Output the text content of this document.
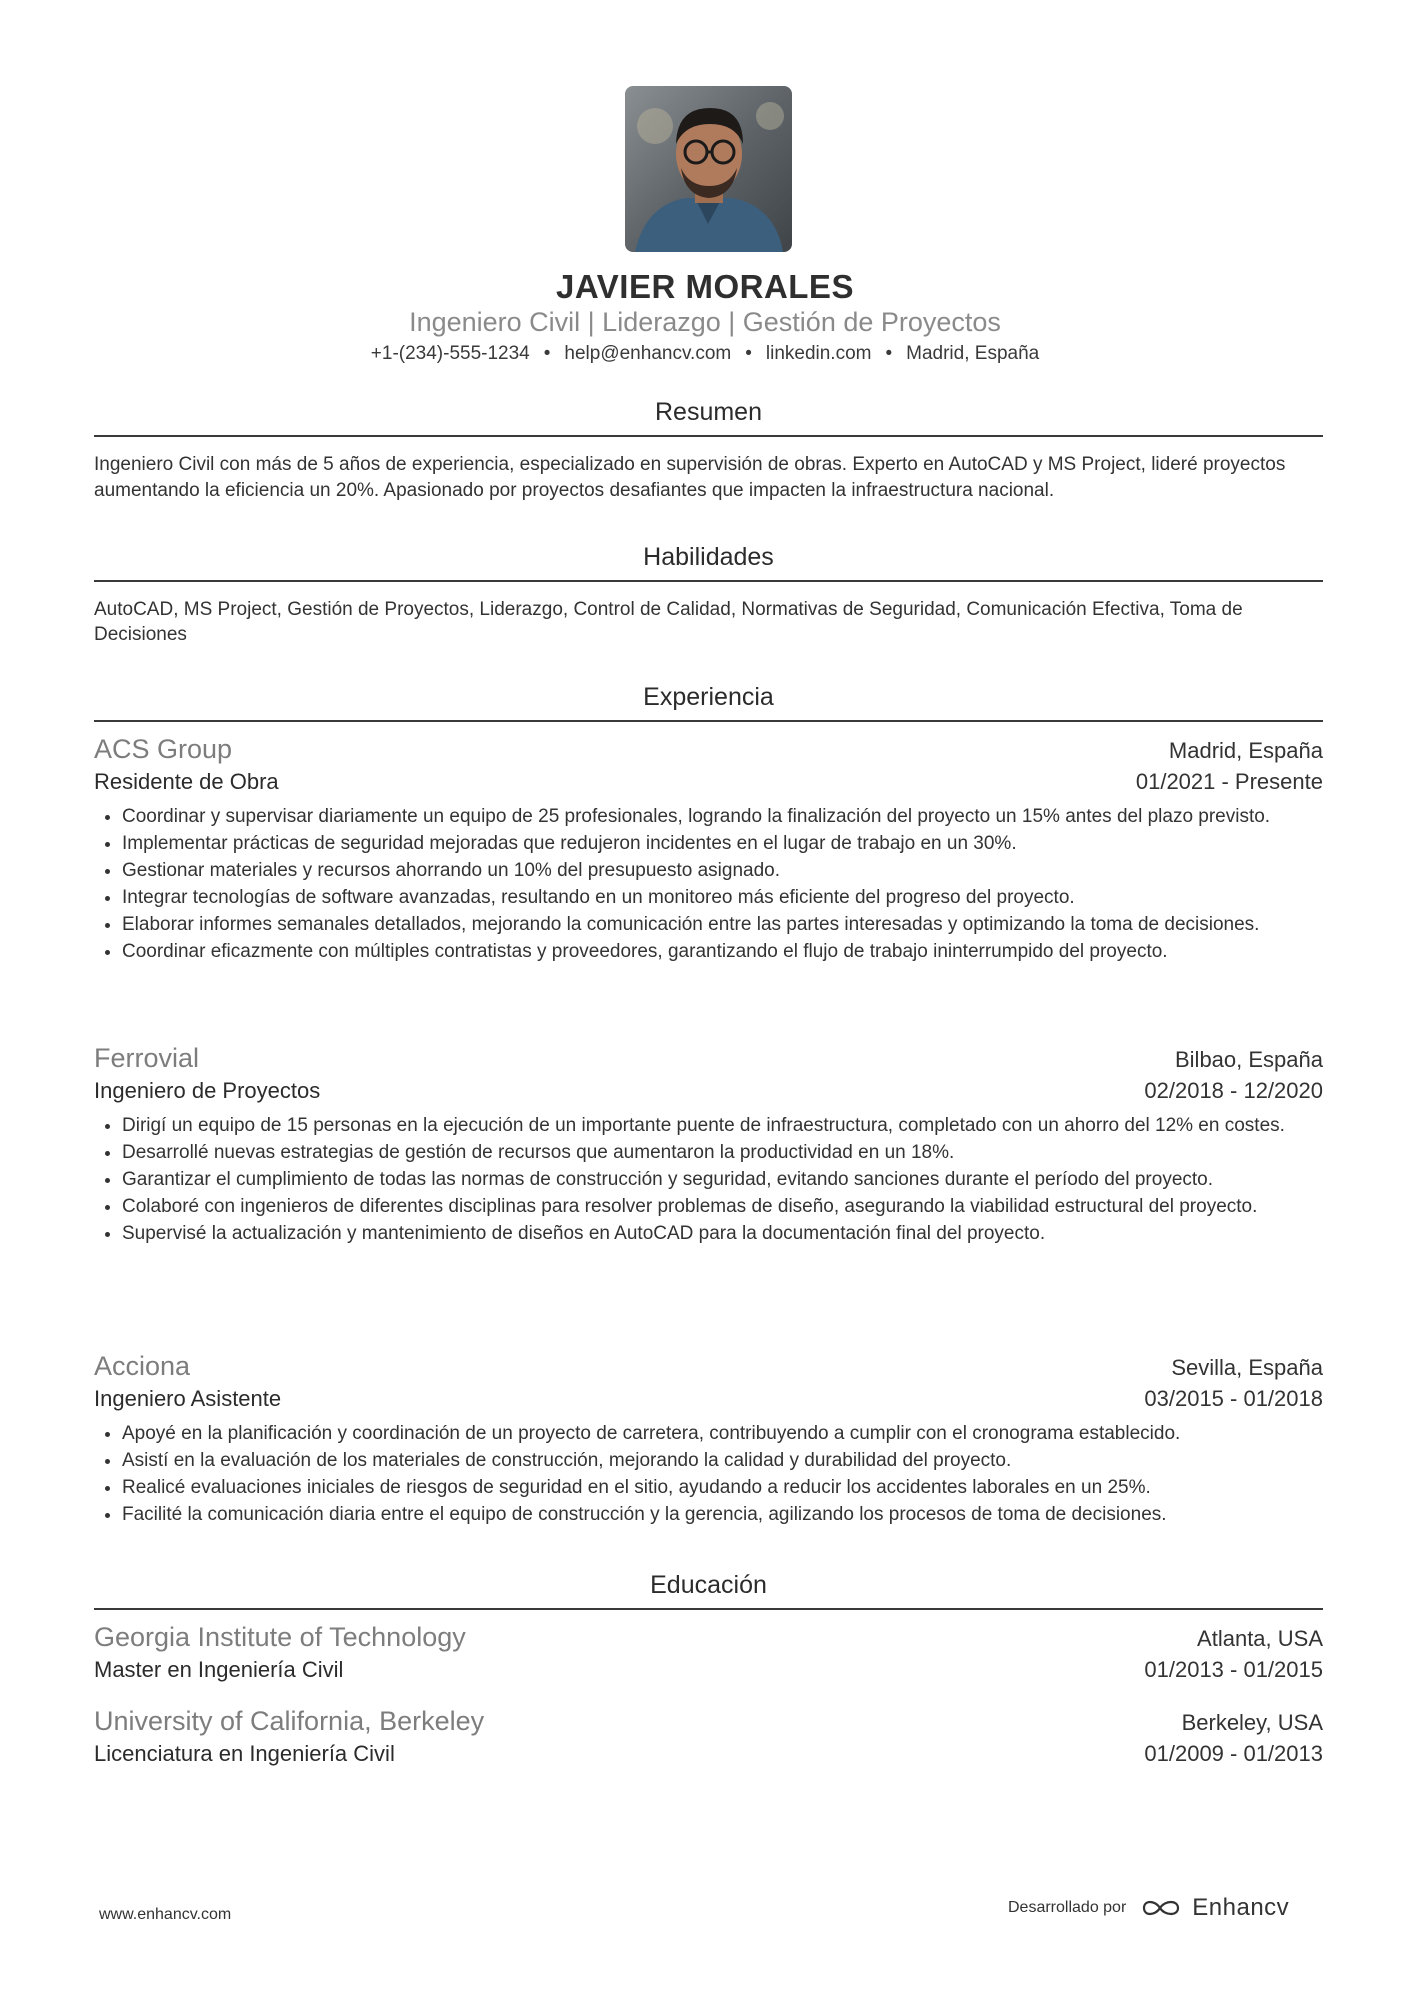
JAVIER MORALES
Ingeniero Civil | Liderazgo | Gestión de Proyectos
+1-(234)-555-1234 • help@enhancv.com • linkedin.com • Madrid, España
Resumen
Ingeniero Civil con más de 5 años de experiencia, especializado en supervisión de obras. Experto en AutoCAD y MS Project, lideré proyectos aumentando la eficiencia un 20%. Apasionado por proyectos desafiantes que impacten la infraestructura nacional.
Habilidades
AutoCAD, MS Project, Gestión de Proyectos, Liderazgo, Control de Calidad, Normativas de Seguridad, Comunicación Efectiva, Toma de Decisiones
Experiencia
ACS Group	Madrid, España
Residente de Obra	01/2021 - Presente
• Coordinar y supervisar diariamente un equipo de 25 profesionales, logrando la finalización del proyecto un 15% antes del plazo previsto.
• Implementar prácticas de seguridad mejoradas que redujeron incidentes en el lugar de trabajo en un 30%.
• Gestionar materiales y recursos ahorrando un 10% del presupuesto asignado.
• Integrar tecnologías de software avanzadas, resultando en un monitoreo más eficiente del progreso del proyecto.
• Elaborar informes semanales detallados, mejorando la comunicación entre las partes interesadas y optimizando la toma de decisiones.
• Coordinar eficazmente con múltiples contratistas y proveedores, garantizando el flujo de trabajo ininterrumpido del proyecto.
Ferrovial	Bilbao, España
Ingeniero de Proyectos	02/2018 - 12/2020
• Dirigí un equipo de 15 personas en la ejecución de un importante puente de infraestructura, completado con un ahorro del 12% en costes.
• Desarrollé nuevas estrategias de gestión de recursos que aumentaron la productividad en un 18%.
• Garantizar el cumplimiento de todas las normas de construcción y seguridad, evitando sanciones durante el período del proyecto.
• Colaboré con ingenieros de diferentes disciplinas para resolver problemas de diseño, asegurando la viabilidad estructural del proyecto.
• Supervisé la actualización y mantenimiento de diseños en AutoCAD para la documentación final del proyecto.
Acciona	Sevilla, España
Ingeniero Asistente	03/2015 - 01/2018
• Apoyé en la planificación y coordinación de un proyecto de carretera, contribuyendo a cumplir con el cronograma establecido.
• Asistí en la evaluación de los materiales de construcción, mejorando la calidad y durabilidad del proyecto.
• Realicé evaluaciones iniciales de riesgos de seguridad en el sitio, ayudando a reducir los accidentes laborales en un 25%.
• Facilité la comunicación diaria entre el equipo de construcción y la gerencia, agilizando los procesos de toma de decisiones.
Educación
Georgia Institute of Technology	Atlanta, USA
Master en Ingeniería Civil	01/2013 - 01/2015
University of California, Berkeley	Berkeley, USA
Licenciatura en Ingeniería Civil	01/2009 - 01/2013
www.enhancv.com	Desarrollado por	Enhancv
